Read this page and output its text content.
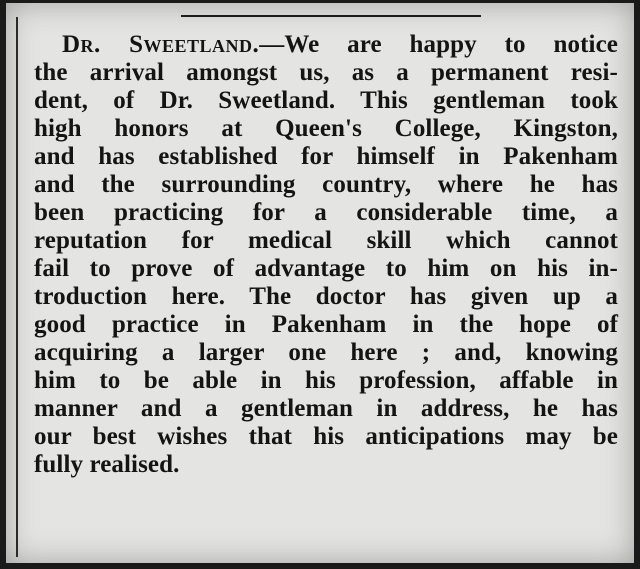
Dr. Sweetland.—We are happy to notice
the arrival amongst us, as a permanent resi-
dent, of Dr. Sweetland. This gentleman took
high honors at Queen's College, Kingston,
and has established for himself in Pakenham
and the surrounding country, where he has
been practicing for a considerable time, a
reputation for medical skill which cannot
fail to prove of advantage to him on his in-
troduction here. The doctor has given up a
good practice in Pakenham in the hope of
acquiring a larger one here ; and, knowing
him to be able in his profession, affable in
manner and a gentleman in address, he has
our best wishes that his anticipations may be
fully realised.
